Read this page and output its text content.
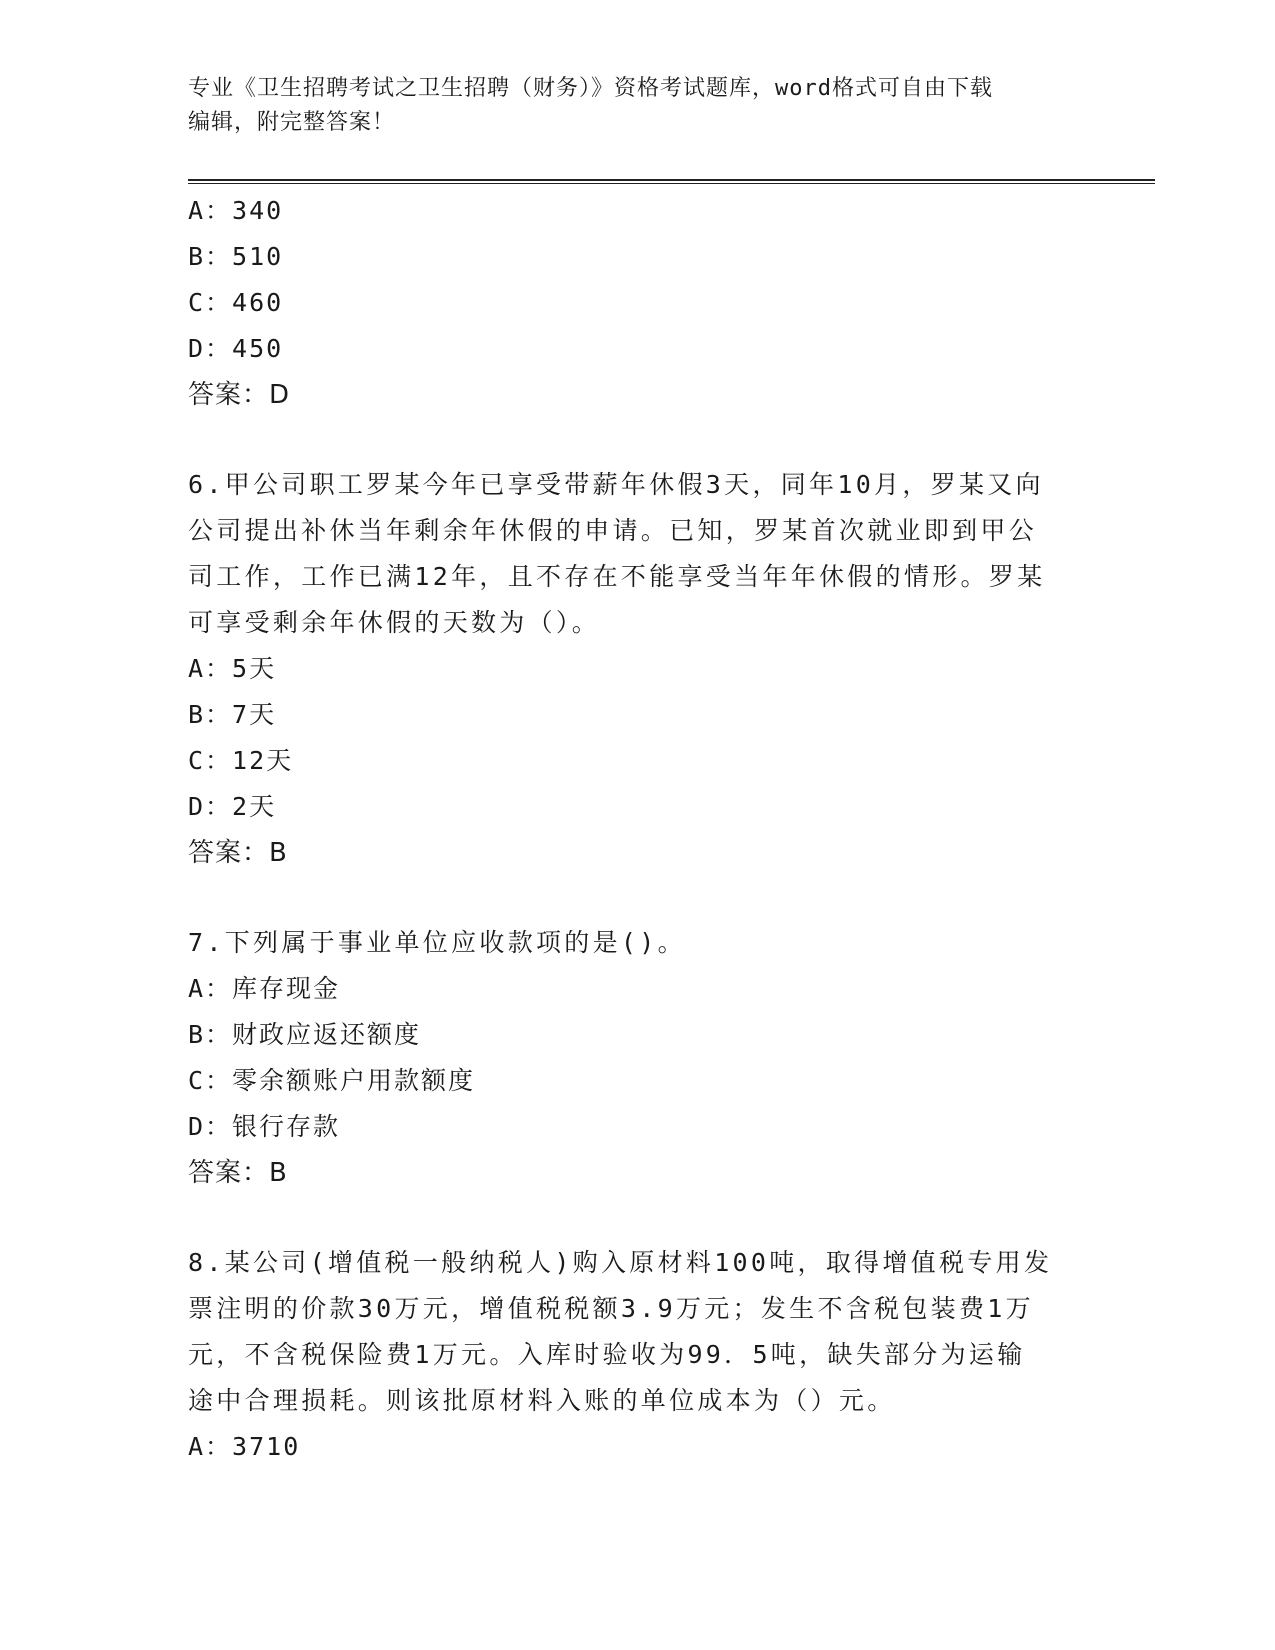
专业《卫生招聘考试之卫生招聘（财务）》资格考试题库，word格式可自由下载
编辑，附完整答案！
A：340
B：510
C：460
D：450
答案：D
6.甲公司职工罗某今年已享受带薪年休假3天，同年10月，罗某又向
公司提出补休当年剩余年休假的申请。已知，罗某首次就业即到甲公
司工作，工作已满12年，且不存在不能享受当年年休假的情形。罗某
可享受剩余年休假的天数为（）。
A：5天
B：7天
C：12天
D：2天
答案：B
7.下列属于事业单位应收款项的是()。
A：库存现金
B：财政应返还额度
C：零余额账户用款额度
D：银行存款
答案：B
8.某公司(增值税一般纳税人)购入原材料100吨，取得增值税专用发
票注明的价款30万元，增值税税额3.9万元；发生不含税包装费1万
元，不含税保险费1万元。入库时验收为99．5吨，缺失部分为运输
途中合理损耗。则该批原材料入账的单位成本为（）元。
A：3710
